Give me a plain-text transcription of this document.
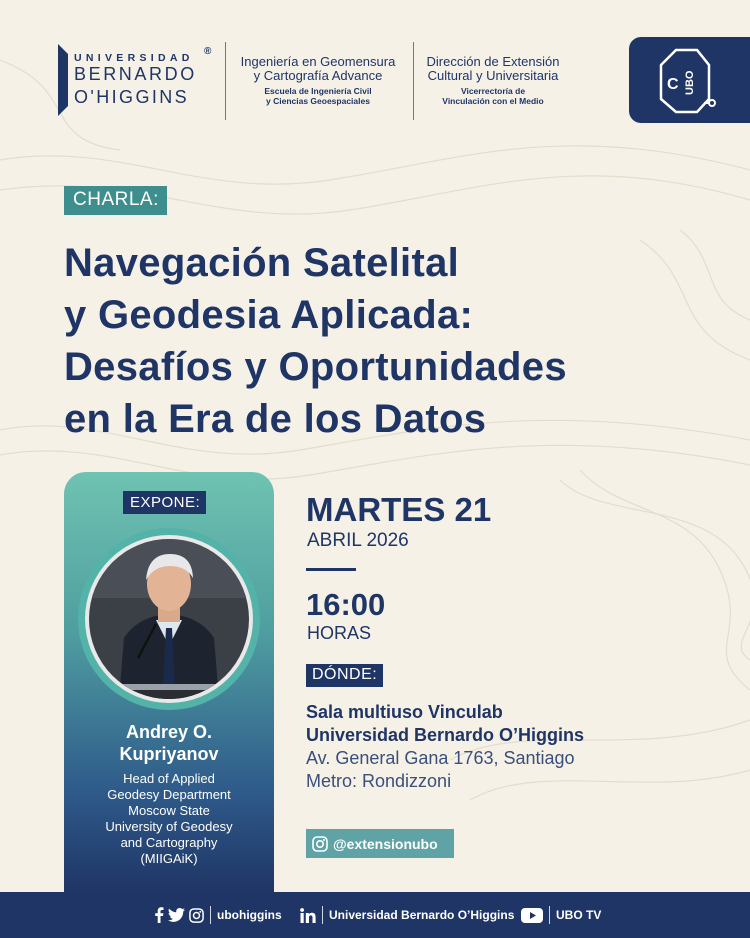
UNIVERSIDAD
BERNARDO
O'HIGGINS
®
Ingeniería en Geomensura
y Cartografía Advance
Escuela de Ingeniería Civil
y Ciencias Geoespaciales
Dirección de Extensión
Cultural y Universitaria
Vicerrectoría de
Vinculación con el Medio
C UBO
CHARLA:
Navegación Satelital
y Geodesia Aplicada:
Desafíos y Oportunidades
en la Era de los Datos
EXPONE:
Andrey O.
Kupriyanov
Head of Applied
Geodesy Department
Moscow State
University of Geodesy
and Cartography
(MIIGAiK)
MARTES 21
ABRIL 2026
16:00
HORAS
DÓNDE:
Sala multiuso Vinculab
Universidad Bernardo O’Higgins
Av. General Gana 1763, Santiago
Metro: Rondizzoni
@extensionubo
ubohiggins	Universidad Bernardo O’Higgins	UBO TV
